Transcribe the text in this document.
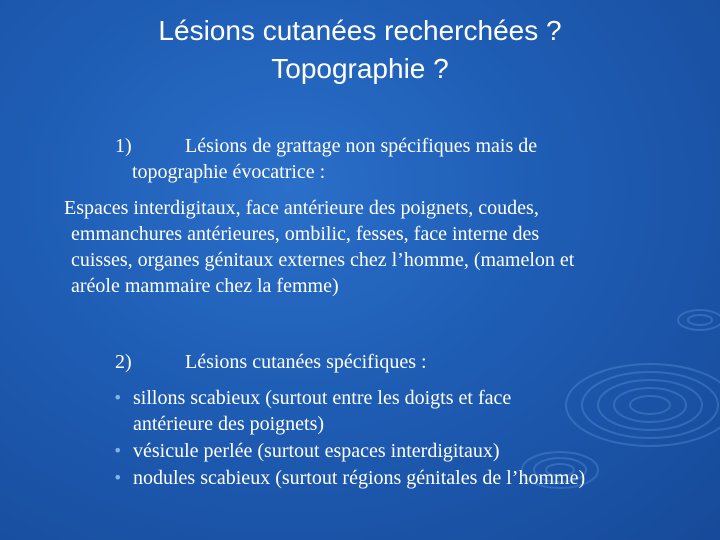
Lésions cutanées recherchées ?
Topographie ?
1)	Lésions de grattage non spécifiques mais de
topographie évocatrice :
Espaces interdigitaux, face antérieure des poignets, coudes,
emmanchures antérieures, ombilic, fesses, face interne des
cuisses, organes génitaux externes chez l’homme, (mamelon et
aréole mammaire chez la femme)
2)	Lésions cutanées spécifiques :
• sillons scabieux (surtout entre les doigts et face
antérieure des poignets)
• vésicule perlée (surtout espaces interdigitaux)
• nodules scabieux (surtout régions génitales de l’homme)
